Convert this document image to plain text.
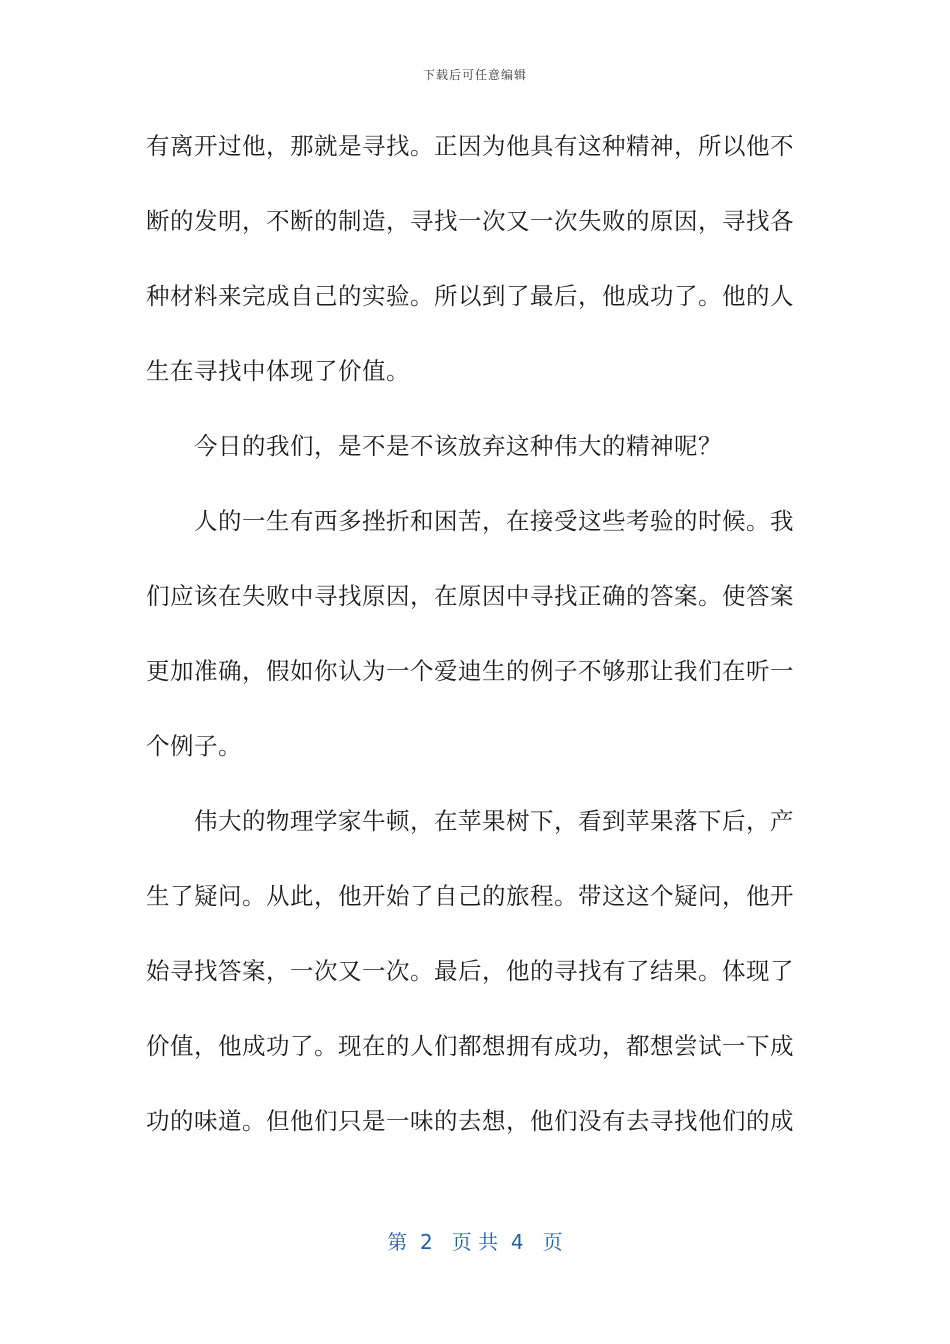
下载后可任意编辑
有离开过他，那就是寻找。正因为他具有这种精神，所以他不
断的发明，不断的制造，寻找一次又一次失败的原因，寻找各
种材料来完成自己的实验。所以到了最后，他成功了。他的人
生在寻找中体现了价值。
今日的我们，是不是不该放弃这种伟大的精神呢？
人的一生有西多挫折和困苦，在接受这些考验的时候。我
们应该在失败中寻找原因，在原因中寻找正确的答案。使答案
更加准确，假如你认为一个爱迪生的例子不够那让我们在听一
个例子。
伟大的物理学家牛顿，在苹果树下，看到苹果落下后，产
生了疑问。从此，他开始了自己的旅程。带这这个疑问，他开
始寻找答案，一次又一次。最后，他的寻找有了结果。体现了
价值，他成功了。现在的人们都想拥有成功，都想尝试一下成
功的味道。但他们只是一味的去想，他们没有去寻找他们的成
第  2   页 共  4   页
